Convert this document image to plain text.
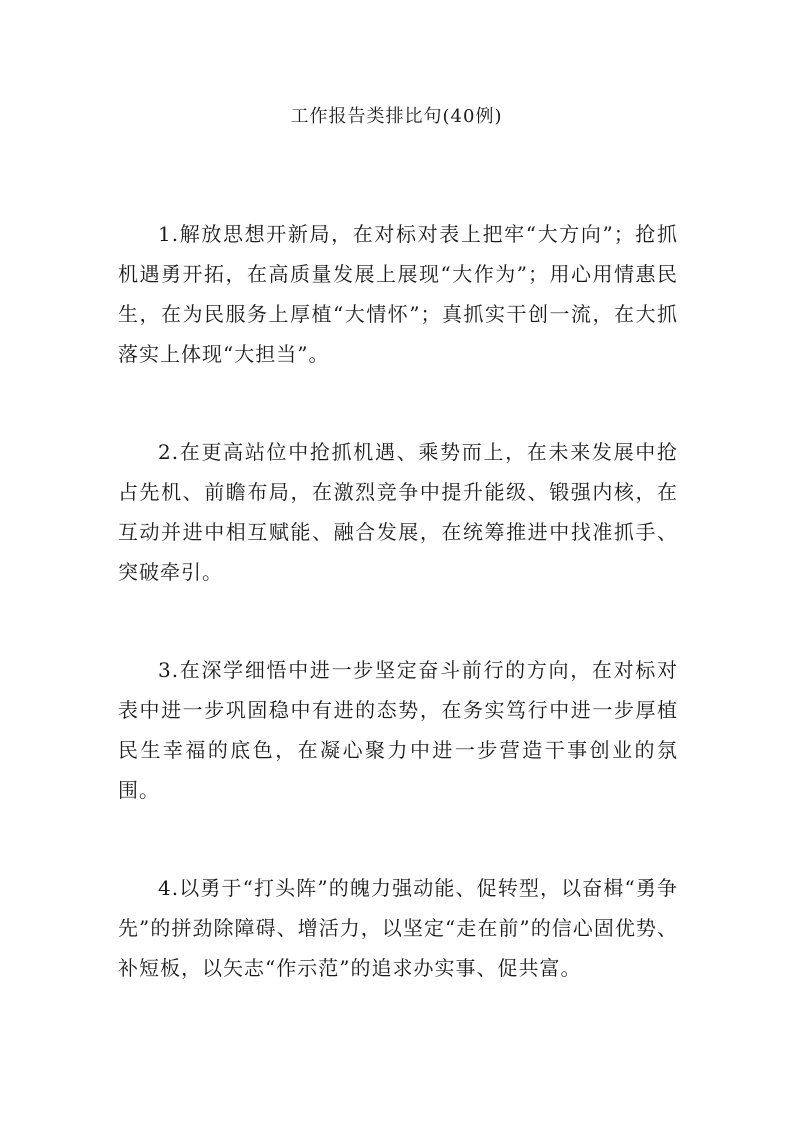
工作报告类排比句(40例)

1.解放思想开新局，在对标对表上把牢“大方向”；抢抓机遇勇开拓，在高质量发展上展现“大作为”；用心用情惠民生，在为民服务上厚植“大情怀”；真抓实干创一流，在大抓落实上体现“大担当”。

2.在更高站位中抢抓机遇、乘势而上，在未来发展中抢占先机、前瞻布局，在激烈竞争中提升能级、锻强内核，在互动并进中相互赋能、融合发展，在统筹推进中找准抓手、突破牵引。

3.在深学细悟中进一步坚定奋斗前行的方向，在对标对表中进一步巩固稳中有进的态势，在务实笃行中进一步厚植民生幸福的底色，在凝心聚力中进一步营造干事创业的氛围。

4.以勇于“打头阵”的魄力强动能、促转型，以奋楫“勇争先”的拼劲除障碍、增活力，以坚定“走在前”的信心固优势、补短板，以矢志“作示范”的追求办实事、促共富。
